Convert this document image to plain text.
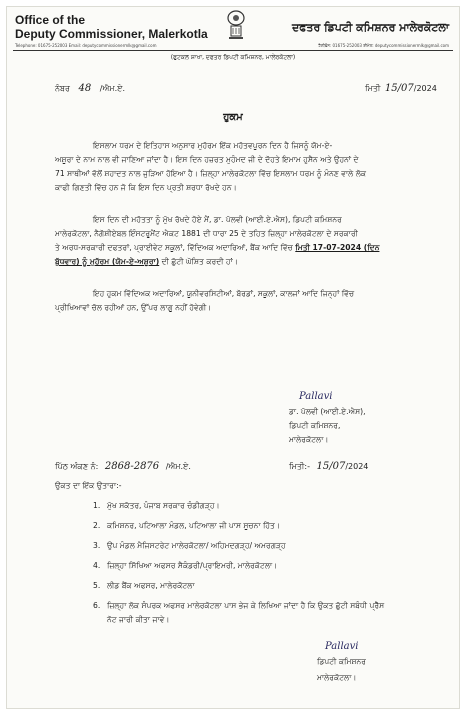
Office of the
Deputy Commissioner, Malerkotla
Telephone: 01675-252003 Email: deputycommissionermlk@gmail.com
ਦਫਤਰ ਡਿਪਟੀ ਕਮਿਸ਼ਨਰ ਮਾਲੇਰਕੋਟਲਾ
ਟੈਲੀਫੋਨ: 01675-252003 ਈਮੇਲ: deputycommissionermlk@gmail.com
(ਫੁਟਕਲ ਸ਼ਾਖਾ, ਦਫਤਰ ਡਿਪਟੀ ਕਮਿਸ਼ਨਰ, ਮਾਲੇਰਕੋਟਲਾ)
ਨੰਬਰ 48 /ਐਮ.ਏ.	ਮਿਤੀ 15/07/2024
ਹੁਕਮ
ਇਸਲਾਮ ਧਰਮ ਦੇ ਇਤਿਹਾਸ ਅਨੁਸਾਰ ਮੁਹੱਰਮ ਇੱਕ ਮਹੱਤਵਪੂਰਨ ਦਿਨ ਹੈ ਜਿਸਨੂੰ ਯੋਮ-ਏ-
ਅਸ਼ੂਰਾ ਦੇ ਨਾਮ ਨਾਲ ਵੀ ਜਾਣਿਆ ਜਾਂਦਾ ਹੈ। ਇਸ ਦਿਨ ਹਜ਼ਰਤ ਮੁਹੰਮਦ ਜੀ ਦੇ ਦੋਹਤੇ ਇਮਾਮ ਹੁਸੈਨ ਅਤੇ ਉਹਨਾਂ ਦੇ
71 ਸਾਥੀਆਂ ਵੱਲੋਂ ਸ਼ਹਾਦਤ ਨਾਲ ਜੁੜਿਆ ਹੋਇਆ ਹੈ। ਜ਼ਿਲ੍ਹਾ ਮਾਲੇਰਕੋਟਲਾ ਵਿੱਚ ਇਸਲਾਮ ਧਰਮ ਨੂੰ ਮੰਨਣ ਵਾਲੇ ਲੋਕ
ਕਾਫੀ ਗਿਣਤੀ ਵਿੱਚ ਹਨ ਜੋ ਕਿ ਇਸ ਦਿਨ ਪ੍ਰਤੀ ਸ਼ਰਧਾ ਰੱਖਦੇ ਹਨ।
ਇਸ ਦਿਨ ਦੀ ਮਹੱਤਤਾ ਨੂੰ ਮੁੱਖ ਰੱਖਦੇ ਹੋਏ ਮੈਂ, ਡਾ. ਪੱਲਵੀ (ਆਈ.ਏ.ਐਸ), ਡਿਪਟੀ ਕਮਿਸ਼ਨਰ
ਮਾਲੇਰਕੋਟਲਾ, ਨੈਗੋਸ਼ੀਏਬਲ ਇੰਸਟਰੂਮੈਂਟ ਐਕਟ 1881 ਦੀ ਧਾਰਾ 25 ਦੇ ਤਹਿਤ ਜ਼ਿਲ੍ਹਾ ਮਾਲੇਰਕੋਟਲਾ ਦੇ ਸਰਕਾਰੀ
ਤੇ ਅਰਧ-ਸਰਕਾਰੀ ਦਫਤਰਾਂ, ਪ੍ਰਾਈਵੇਟ ਸਕੂਲਾਂ, ਵਿੱਦਿਅਕ ਅਦਾਰਿਆਂ, ਬੈਂਕ ਆਦਿ ਵਿੱਚ ਮਿਤੀ 17-07-2024 (ਦਿਨ
ਬੁੱਧਵਾਰ) ਨੂੰ ਮੁਹੱਰਮ (ਯੋਮ-ਏ-ਅਸ਼ੂਰਾ) ਦੀ ਛੁੱਟੀ ਘੋਸ਼ਿਤ ਕਰਦੀ ਹਾਂ।
ਇਹ ਹੁਕਮ ਵਿੱਦਿਅਕ ਅਦਾਰਿਆਂ, ਯੂਨੀਵਰਸਿਟੀਆਂ, ਬੋਰਡਾਂ, ਸਕੂਲਾਂ, ਕਾਲਜਾਂ ਆਦਿ ਜਿਨ੍ਹਾਂ ਵਿੱਚ
ਪ੍ਰੀਖਿਆਵਾਂ ਚੱਲ ਰਹੀਆਂ ਹਨ, ਉੱਪਰ ਲਾਗੂ ਨਹੀਂ ਹੋਵੇਗੀ।
Pallavi
ਡਾ. ਪੱਲਵੀ (ਆਈ.ਏ.ਐਸ),
ਡਿਪਟੀ ਕਮਿਸ਼ਨਰ,
ਮਾਲੇਰਕੋਟਲਾ।
ਪਿੱਠ ਅੰਕਣ ਨੰ: 2868-2876 /ਐਮ.ਏ.	ਮਿਤੀ:- 15/07/2024
ਉਕਤ ਦਾ ਇੱਕ ਉਤਾਰਾ:-
1. ਮੁੱਖ ਸਕੱਤਰ, ਪੰਜਾਬ ਸਰਕਾਰ ਚੰਡੀਗੜ੍ਹ।
2. ਕਮਿਸ਼ਨਰ, ਪਟਿਆਲਾ ਮੰਡਲ, ਪਟਿਆਲਾ ਜੀ ਪਾਸ ਸੂਚਨਾ ਹਿੱਤ।
3. ਉਪ ਮੰਡਲ ਮੈਜਿਸਟਰੇਟ ਮਾਲੇਰਕੋਟਲਾ/ ਅਹਿਮਦਗੜ੍ਹ/ ਅਮਰਗੜ੍ਹ
4. ਜ਼ਿਲ੍ਹਾ ਸਿੱਖਿਆ ਅਫਸਰ ਸੈਕੰਡਰੀ/ਪ੍ਰਾਇਮਰੀ, ਮਾਲੇਰਕੋਟਲਾ।
5. ਲੀਡ ਬੈਂਕ ਅਫਸਰ, ਮਾਲੇਰਕੋਟਲਾ
6. ਜ਼ਿਲ੍ਹਾ ਲੋਕ ਸੰਪਰਕ ਅਫਸਰ ਮਾਲੇਰਕੋਟਲਾ ਪਾਸ ਭੇਜ ਕੇ ਲਿਖਿਆ ਜਾਂਦਾ ਹੈ ਕਿ ਉਕਤ ਛੁੱਟੀ ਸਬੰਧੀ ਪ੍ਰੈੱਸ
ਨੋਟ ਜਾਰੀ ਕੀਤਾ ਜਾਵੇ।
Pallavi
ਡਿਪਟੀ ਕਮਿਸ਼ਨਰ
ਮਾਲੇਰਕੋਟਲਾ।
